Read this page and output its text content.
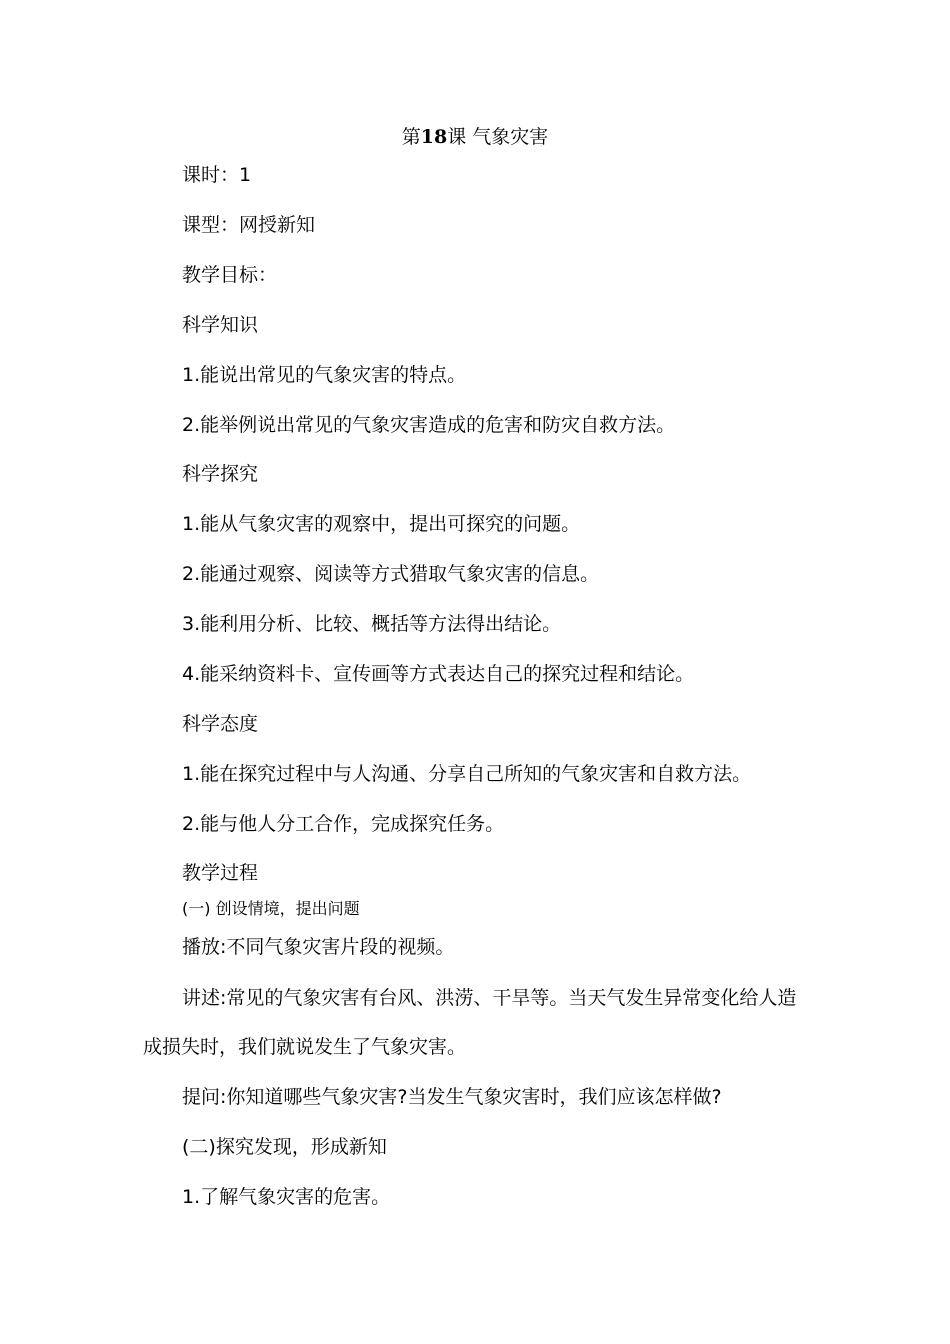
第18课 气象灾害
课时：1
课型：网授新知
教学目标：
科学知识
1.能说出常见的气象灾害的特点。
2.能举例说出常见的气象灾害造成的危害和防灾自救方法。
科学探究
1.能从气象灾害的观察中，提出可探究的问题。
2.能通过观察、阅读等方式猎取气象灾害的信息。
3.能利用分析、比较、概括等方法得出结论。
4.能采纳资料卡、宣传画等方式表达自己的探究过程和结论。
科学态度
1.能在探究过程中与人沟通、分享自己所知的气象灾害和自救方法。
2.能与他人分工合作，完成探究任务。
教学过程
(一) 创设情境，提出问题
播放:不同气象灾害片段的视频。
讲述:常见的气象灾害有台风、洪涝、干旱等。当天气发生异常变化给人造
成损失时，我们就说发生了气象灾害。
提问:你知道哪些气象灾害?当发生气象灾害时，我们应该怎样做?
(二)探究发现，形成新知
1.了解气象灾害的危害。
